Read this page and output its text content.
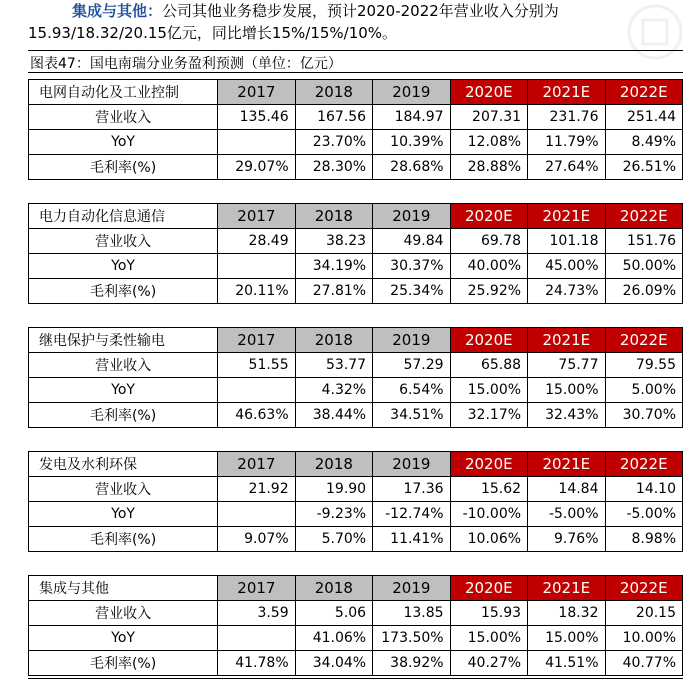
集成与其他：公司其他业务稳步发展，预计2020-2022年营业收入分别为
15.93/18.32/20.15亿元，同比增长15%/15%/10%。
图表47：国电南瑞分业务盈利预测（单位：亿元）
电网自动化及工业控制	2017	2018	2019	2020E	2021E	2022E
营业收入	135.46	167.56	184.97	207.31	231.76	251.44
YoY		23.70%	10.39%	12.08%	11.79%	8.49%
毛利率(%)	29.07%	28.30%	28.68%	28.88%	27.64%	26.51%
电力自动化信息通信	2017	2018	2019	2020E	2021E	2022E
营业收入	28.49	38.23	49.84	69.78	101.18	151.76
YoY		34.19%	30.37%	40.00%	45.00%	50.00%
毛利率(%)	20.11%	27.81%	25.34%	25.92%	24.73%	26.09%
继电保护与柔性输电	2017	2018	2019	2020E	2021E	2022E
营业收入	51.55	53.77	57.29	65.88	75.77	79.55
YoY		4.32%	6.54%	15.00%	15.00%	5.00%
毛利率(%)	46.63%	38.44%	34.51%	32.17%	32.43%	30.70%
发电及水利环保	2017	2018	2019	2020E	2021E	2022E
营业收入	21.92	19.90	17.36	15.62	14.84	14.10
YoY		-9.23%	-12.74%	-10.00%	-5.00%	-5.00%
毛利率(%)	9.07%	5.70%	11.41%	10.06%	9.76%	8.98%
集成与其他	2017	2018	2019	2020E	2021E	2022E
营业收入	3.59	5.06	13.85	15.93	18.32	20.15
YoY		41.06%	173.50%	15.00%	15.00%	10.00%
毛利率(%)	41.78%	34.04%	38.92%	40.27%	41.51%	40.77%
